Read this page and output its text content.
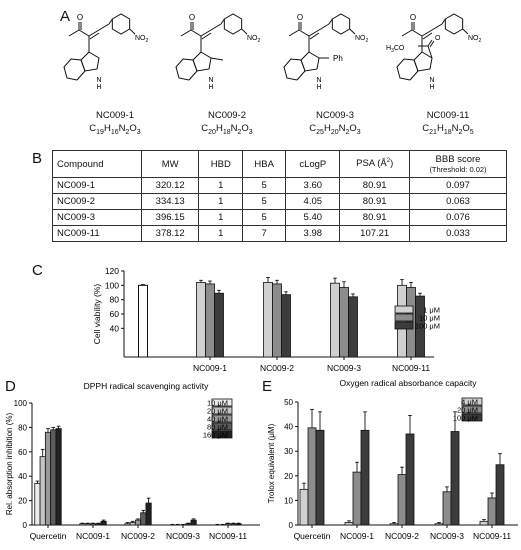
A
B
C
D	E
O
$NO_2$
N
H
NC009-1
$C_{19}H_{16}N_2O_3$
O
$NO_2$
N
H
NC009-2
$C_{20}H_{18}N_2O_3$
O
$NO_2$
N
H
Ph
NC009-3
$C_{25}H_{20}N_2O_3$
O
$NO_2$
N
H
O
$H_3CO$
NC009-11
$C_{21}H_{18}N_2O_5$
Compound	MW	HBD	HBA	cLogP	PSA $(Å^2)$	BBB score
(Threshold: 0.02)

NC009-1	320.12	1	5	3.60	80.91	0.097
NC009-2	334.13	1	5	4.05	80.91	0.063
NC009-3	396.15	1	5	5.40	80.91	0.076
NC009-11	378.12	1	7	3.98	107.21	0.033
40
60
80
100
120
Cell viability (%)
NC009-1	NC009-2	NC009-3	NC009-11
1 μM
10 μM
100 μM
0
20
40
60
80
100
Rel. absorption inhibition (%)
DPPH radical scavenging activity
Quercetin NC009-1 NC009-2 NC009-3 NC009-11
10 μM
20 μM
40 μM
80 μM
160 μM
0
10
20
30
40
50
Trolox equivalent (μM)
Oxygen radical absorbance capacity
Quercetin NC009-1 NC009-2 NC009-3 NC009-11
4 μM
20 μM
100 μM
